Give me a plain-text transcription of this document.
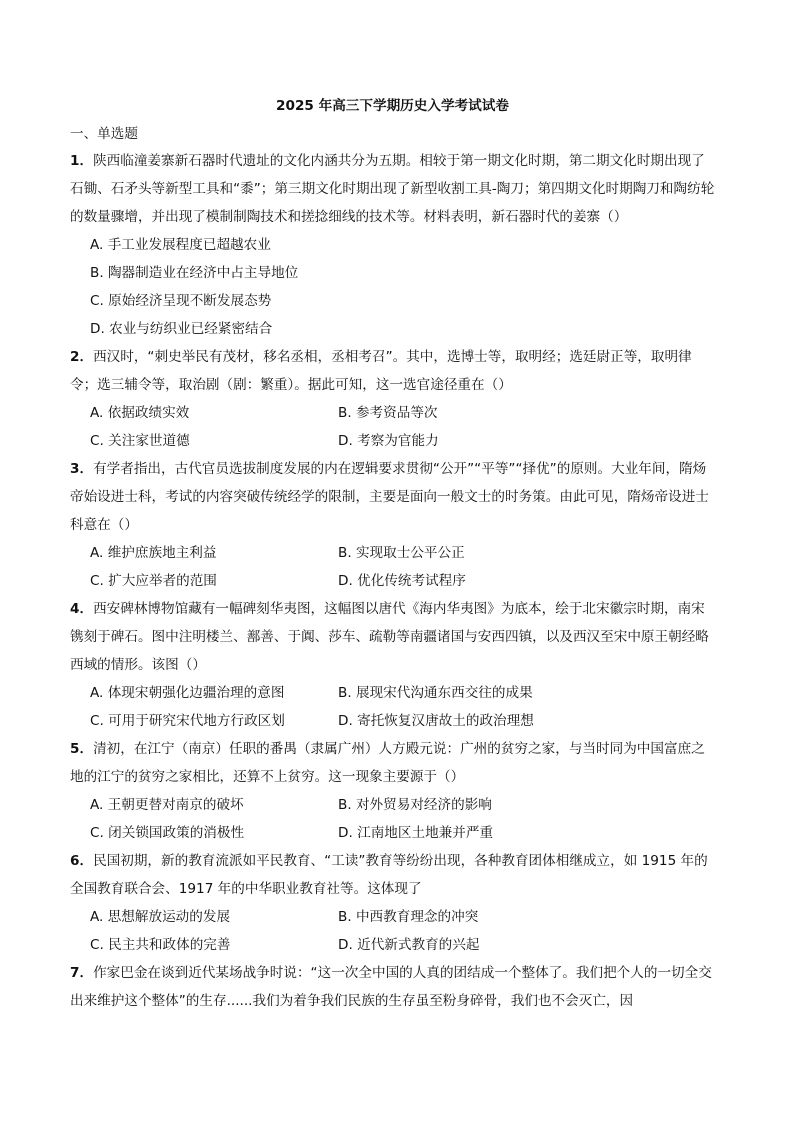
2025 年高三下学期历史入学考试试卷
一、单选题

1．陕西临潼姜寨新石器时代遗址的文化内涵共分为五期。相较于第一期文化时期，第二期文化时期出现了石锄、石矛头等新型工具和“黍”；第三期文化时期出现了新型收割工具-陶刀；第四期文化时期陶刀和陶纺轮的数量骤增，并出现了模制制陶技术和搓捻细线的技术等。材料表明，新石器时代的姜寨（）

A. 手工业发展程度已超越农业
B. 陶器制造业在经济中占主导地位
C. 原始经济呈现不断发展态势
D. 农业与纺织业已经紧密结合

2．西汉时，“刺史举民有茂材，移名丞相，丞相考召”。其中，选博士等，取明经；选廷尉正等，取明律令；选三辅令等，取治剧（剧：繁重）。据此可知，这一选官途径重在（）

A. 依据政绩实效	B. 参考资品等次
C. 关注家世道德	D. 考察为官能力

3．有学者指出，古代官员选拔制度发展的内在逻辑要求贯彻“公开”“平等”“择优”的原则。大业年间，隋炀帝始设进士科，考试的内容突破传统经学的限制，主要是面向一般文士的时务策。由此可见，隋炀帝设进士科意在（）

A. 维护庶族地主利益	B. 实现取士公平公正
C. 扩大应举者的范围	D. 优化传统考试程序

4．西安碑林博物馆藏有一幅碑刻华夷图，这幅图以唐代《海内华夷图》为底本，绘于北宋徽宗时期，南宋镌刻于碑石。图中注明楼兰、鄯善、于阗、莎车、疏勒等南疆诸国与安西四镇，以及西汉至宋中原王朝经略西域的情形。该图（）

A. 体现宋朝强化边疆治理的意图	B. 展现宋代沟通东西交往的成果
C. 可用于研究宋代地方行政区划	D. 寄托恢复汉唐故土的政治理想

5．清初，在江宁（南京）任职的番禺（隶属广州）人方殿元说：广州的贫穷之家，与当时同为中国富庶之地的江宁的贫穷之家相比，还算不上贫穷。这一现象主要源于（）

A. 王朝更替对南京的破坏	B. 对外贸易对经济的影响
C. 闭关锁国政策的消极性	D. 江南地区土地兼并严重

6．民国初期，新的教育流派如平民教育、“工读”教育等纷纷出现，各种教育团体相继成立，如 1915 年的全国教育联合会、1917 年的中华职业教育社等。这体现了

A. 思想解放运动的发展	B. 中西教育理念的冲突
C. 民主共和政体的完善	D. 近代新式教育的兴起

7．作家巴金在谈到近代某场战争时说：“这一次全中国的人真的团结成一个整体了。我们把个人的一切全交出来维护这个整体”的生存......我们为着争我们民族的生存虽至粉身碎骨，我们也不会灭亡，因
